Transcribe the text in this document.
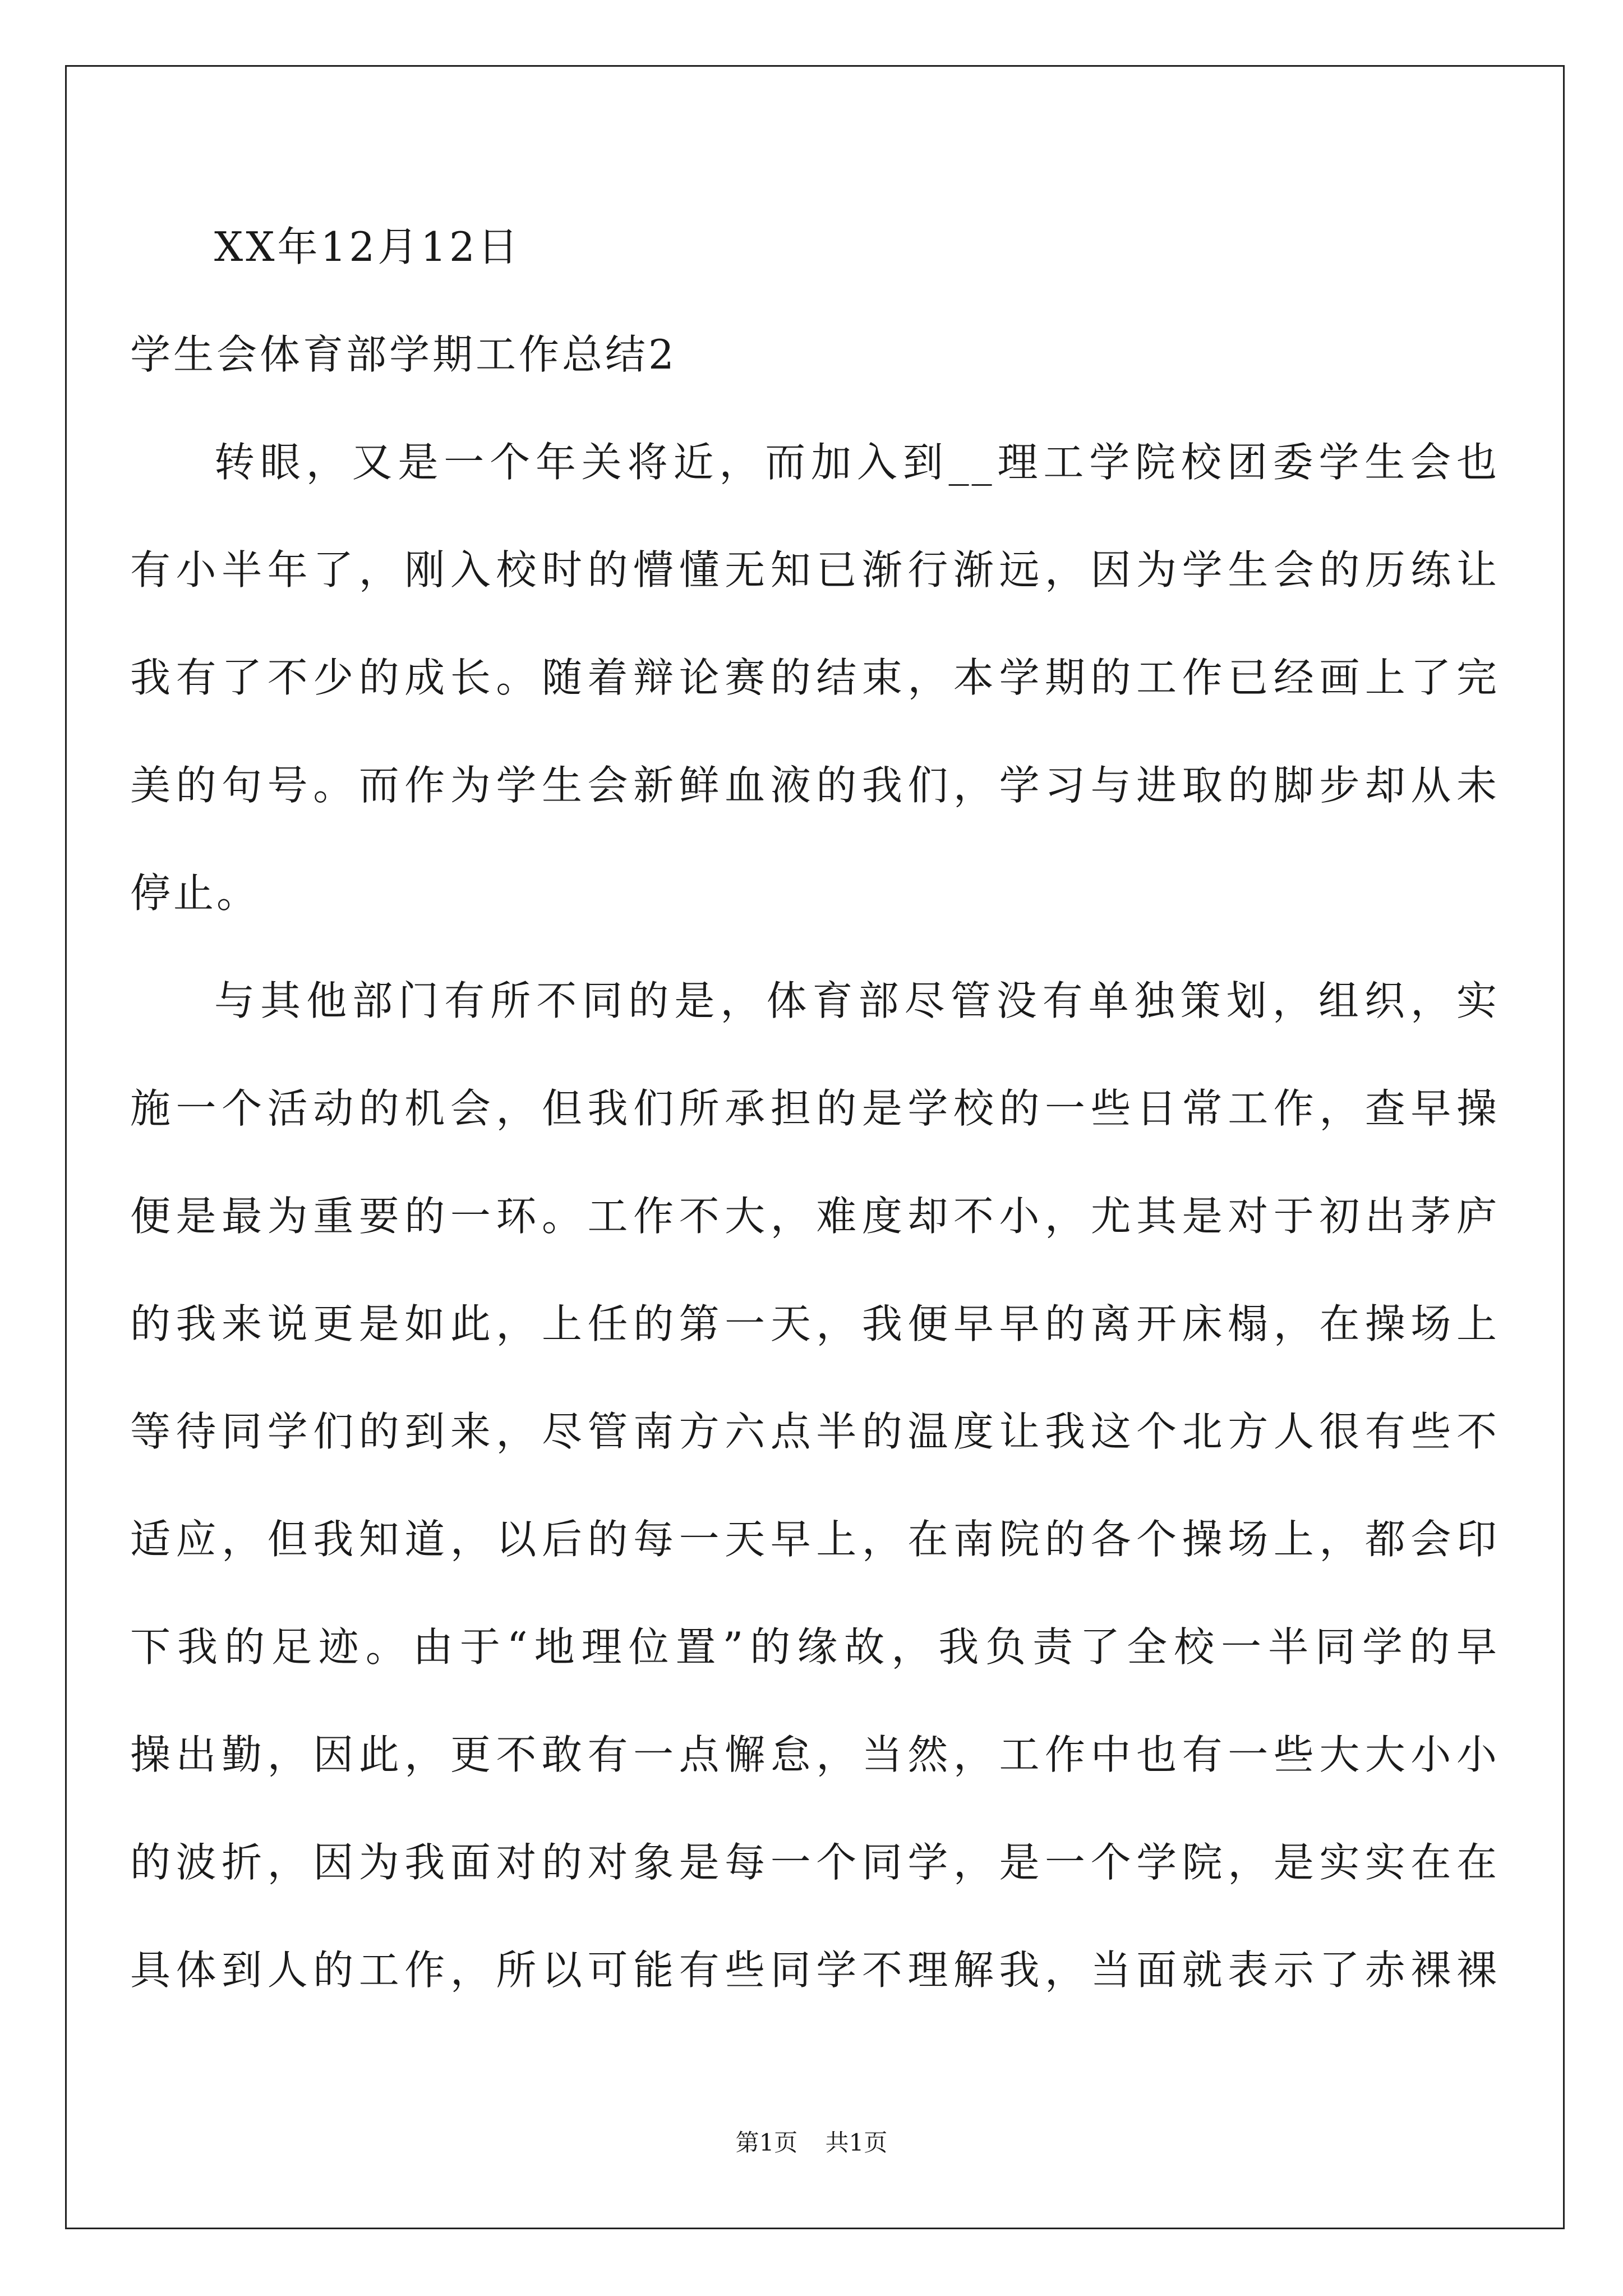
XX年12月12日
学生会体育部学期工作总结2
转眼，又是一个年关将近，而加入到__理工学院校团委学生会也
有小半年了，刚入校时的懵懂无知已渐行渐远，因为学生会的历练让
我有了不少的成长。随着辩论赛的结束，本学期的工作已经画上了完
美的句号。而作为学生会新鲜血液的我们，学习与进取的脚步却从未
停止。
与其他部门有所不同的是，体育部尽管没有单独策划，组织，实
施一个活动的机会，但我们所承担的是学校的一些日常工作，查早操
便是最为重要的一环。工作不大，难度却不小，尤其是对于初出茅庐
的我来说更是如此，上任的第一天，我便早早的离开床榻，在操场上
等待同学们的到来，尽管南方六点半的温度让我这个北方人很有些不
适应，但我知道，以后的每一天早上，在南院的各个操场上，都会印
下我的足迹。由于“地理位置”的缘故，我负责了全校一半同学的早
操出勤，因此，更不敢有一点懈怠，当然，工作中也有一些大大小小
的波折，因为我面对的对象是每一个同学，是一个学院，是实实在在
具体到人的工作，所以可能有些同学不理解我，当面就表示了赤裸裸
第1页 共1页
